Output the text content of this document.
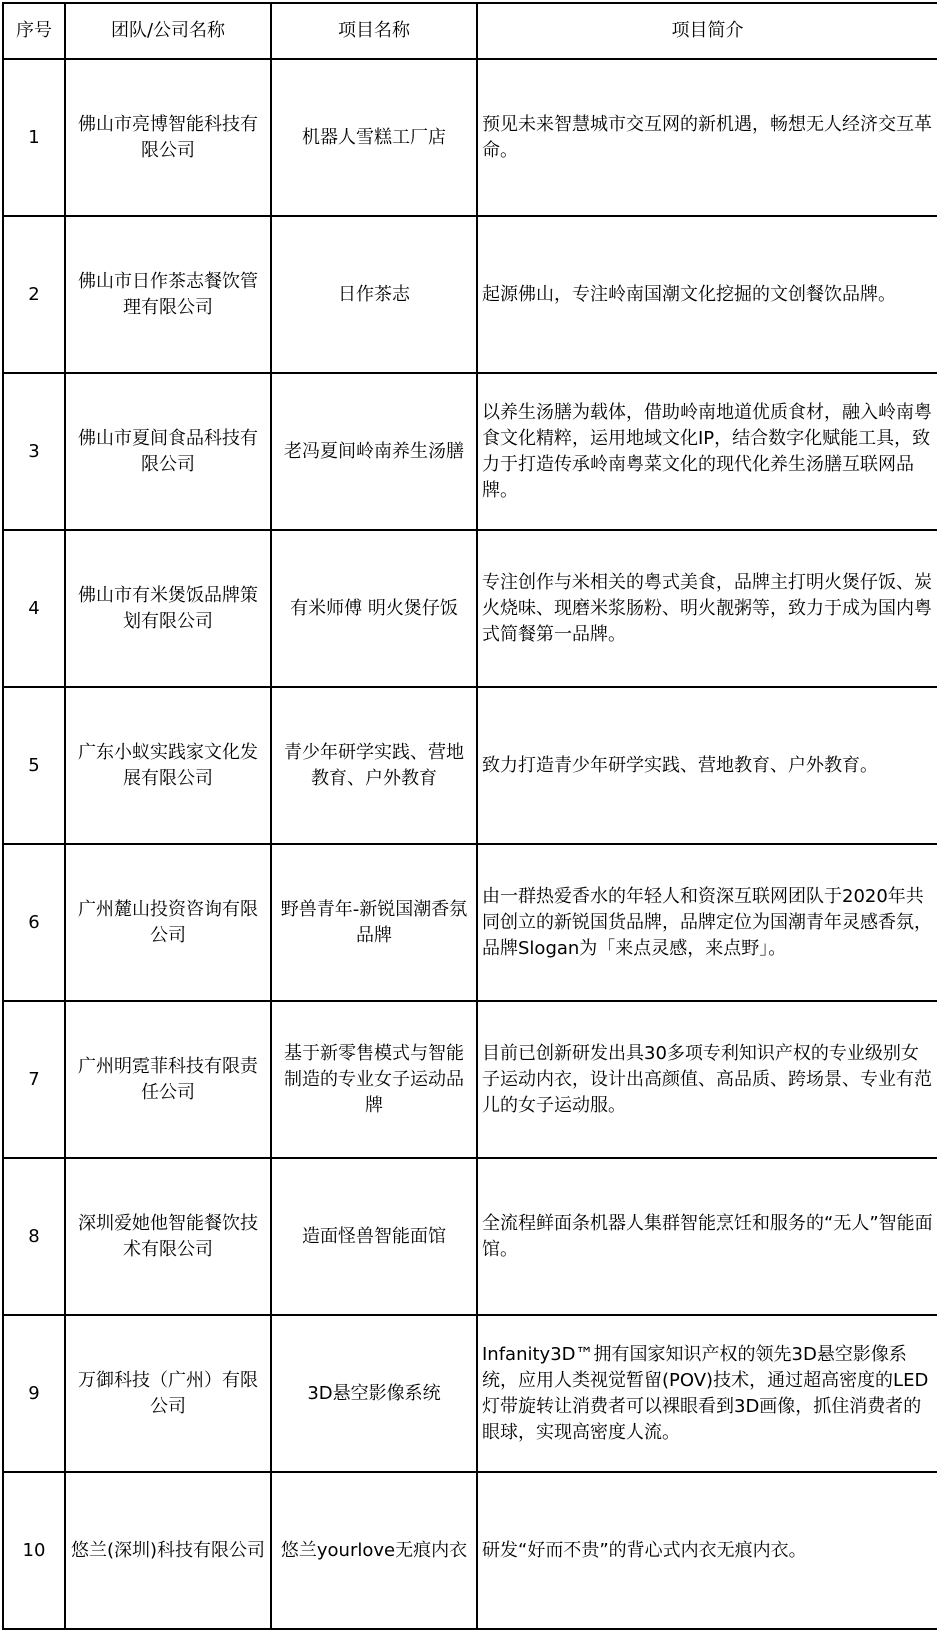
序号	团队/公司名称	项目名称	项目简介
1	佛山市亮博智能科技有限公司	机器人雪糕工厂店	预见未来智慧城市交互网的新机遇，畅想无人经济交互革命。
2	佛山市日作茶志餐饮管理有限公司	日作茶志	起源佛山，专注岭南国潮文化挖掘的文创餐饮品牌。
3	佛山市夏间食品科技有限公司	老冯夏间岭南养生汤膳	以养生汤膳为载体，借助岭南地道优质食材，融入岭南粤食文化精粹，运用地域文化IP，结合数字化赋能工具，致力于打造传承岭南粤菜文化的现代化养生汤膳互联网品牌。
4	佛山市有米煲饭品牌策划有限公司	有米师傅 明火煲仔饭	专注创作与米相关的粤式美食，品牌主打明火煲仔饭、炭火烧味、现磨米浆肠粉、明火靓粥等，致力于成为国内粤式简餐第一品牌。
5	广东小蚁实践家文化发展有限公司	青少年研学实践、营地教育、户外教育	致力打造青少年研学实践、营地教育、户外教育。
6	广州麓山投资咨询有限公司	野兽青年-新锐国潮香氛品牌	由一群热爱香水的年轻人和资深互联网团队于2020年共同创立的新锐国货品牌，品牌定位为国潮青年灵感香氛，品牌Slogan为「来点灵感，来点野」。
7	广州明霓菲科技有限责任公司	基于新零售模式与智能制造的专业女子运动品牌	目前已创新研发出具30多项专利知识产权的专业级别女子运动内衣，设计出高颜值、高品质、跨场景、专业有范儿的女子运动服。
8	深圳爱她他智能餐饮技术有限公司	造面怪兽智能面馆	全流程鲜面条机器人集群智能烹饪和服务的“无人”智能面馆。
9	万御科技（广州）有限公司	3D悬空影像系统	Infanity3D™拥有国家知识产权的领先3D悬空影像系统，应用人类视觉暂留(POV)技术，通过超高密度的LED灯带旋转让消费者可以裸眼看到3D画像，抓住消费者的眼球，实现高密度人流。
10	悠兰(深圳)科技有限公司	悠兰yourlove无痕内衣	研发“好而不贵”的背心式内衣无痕内衣。
